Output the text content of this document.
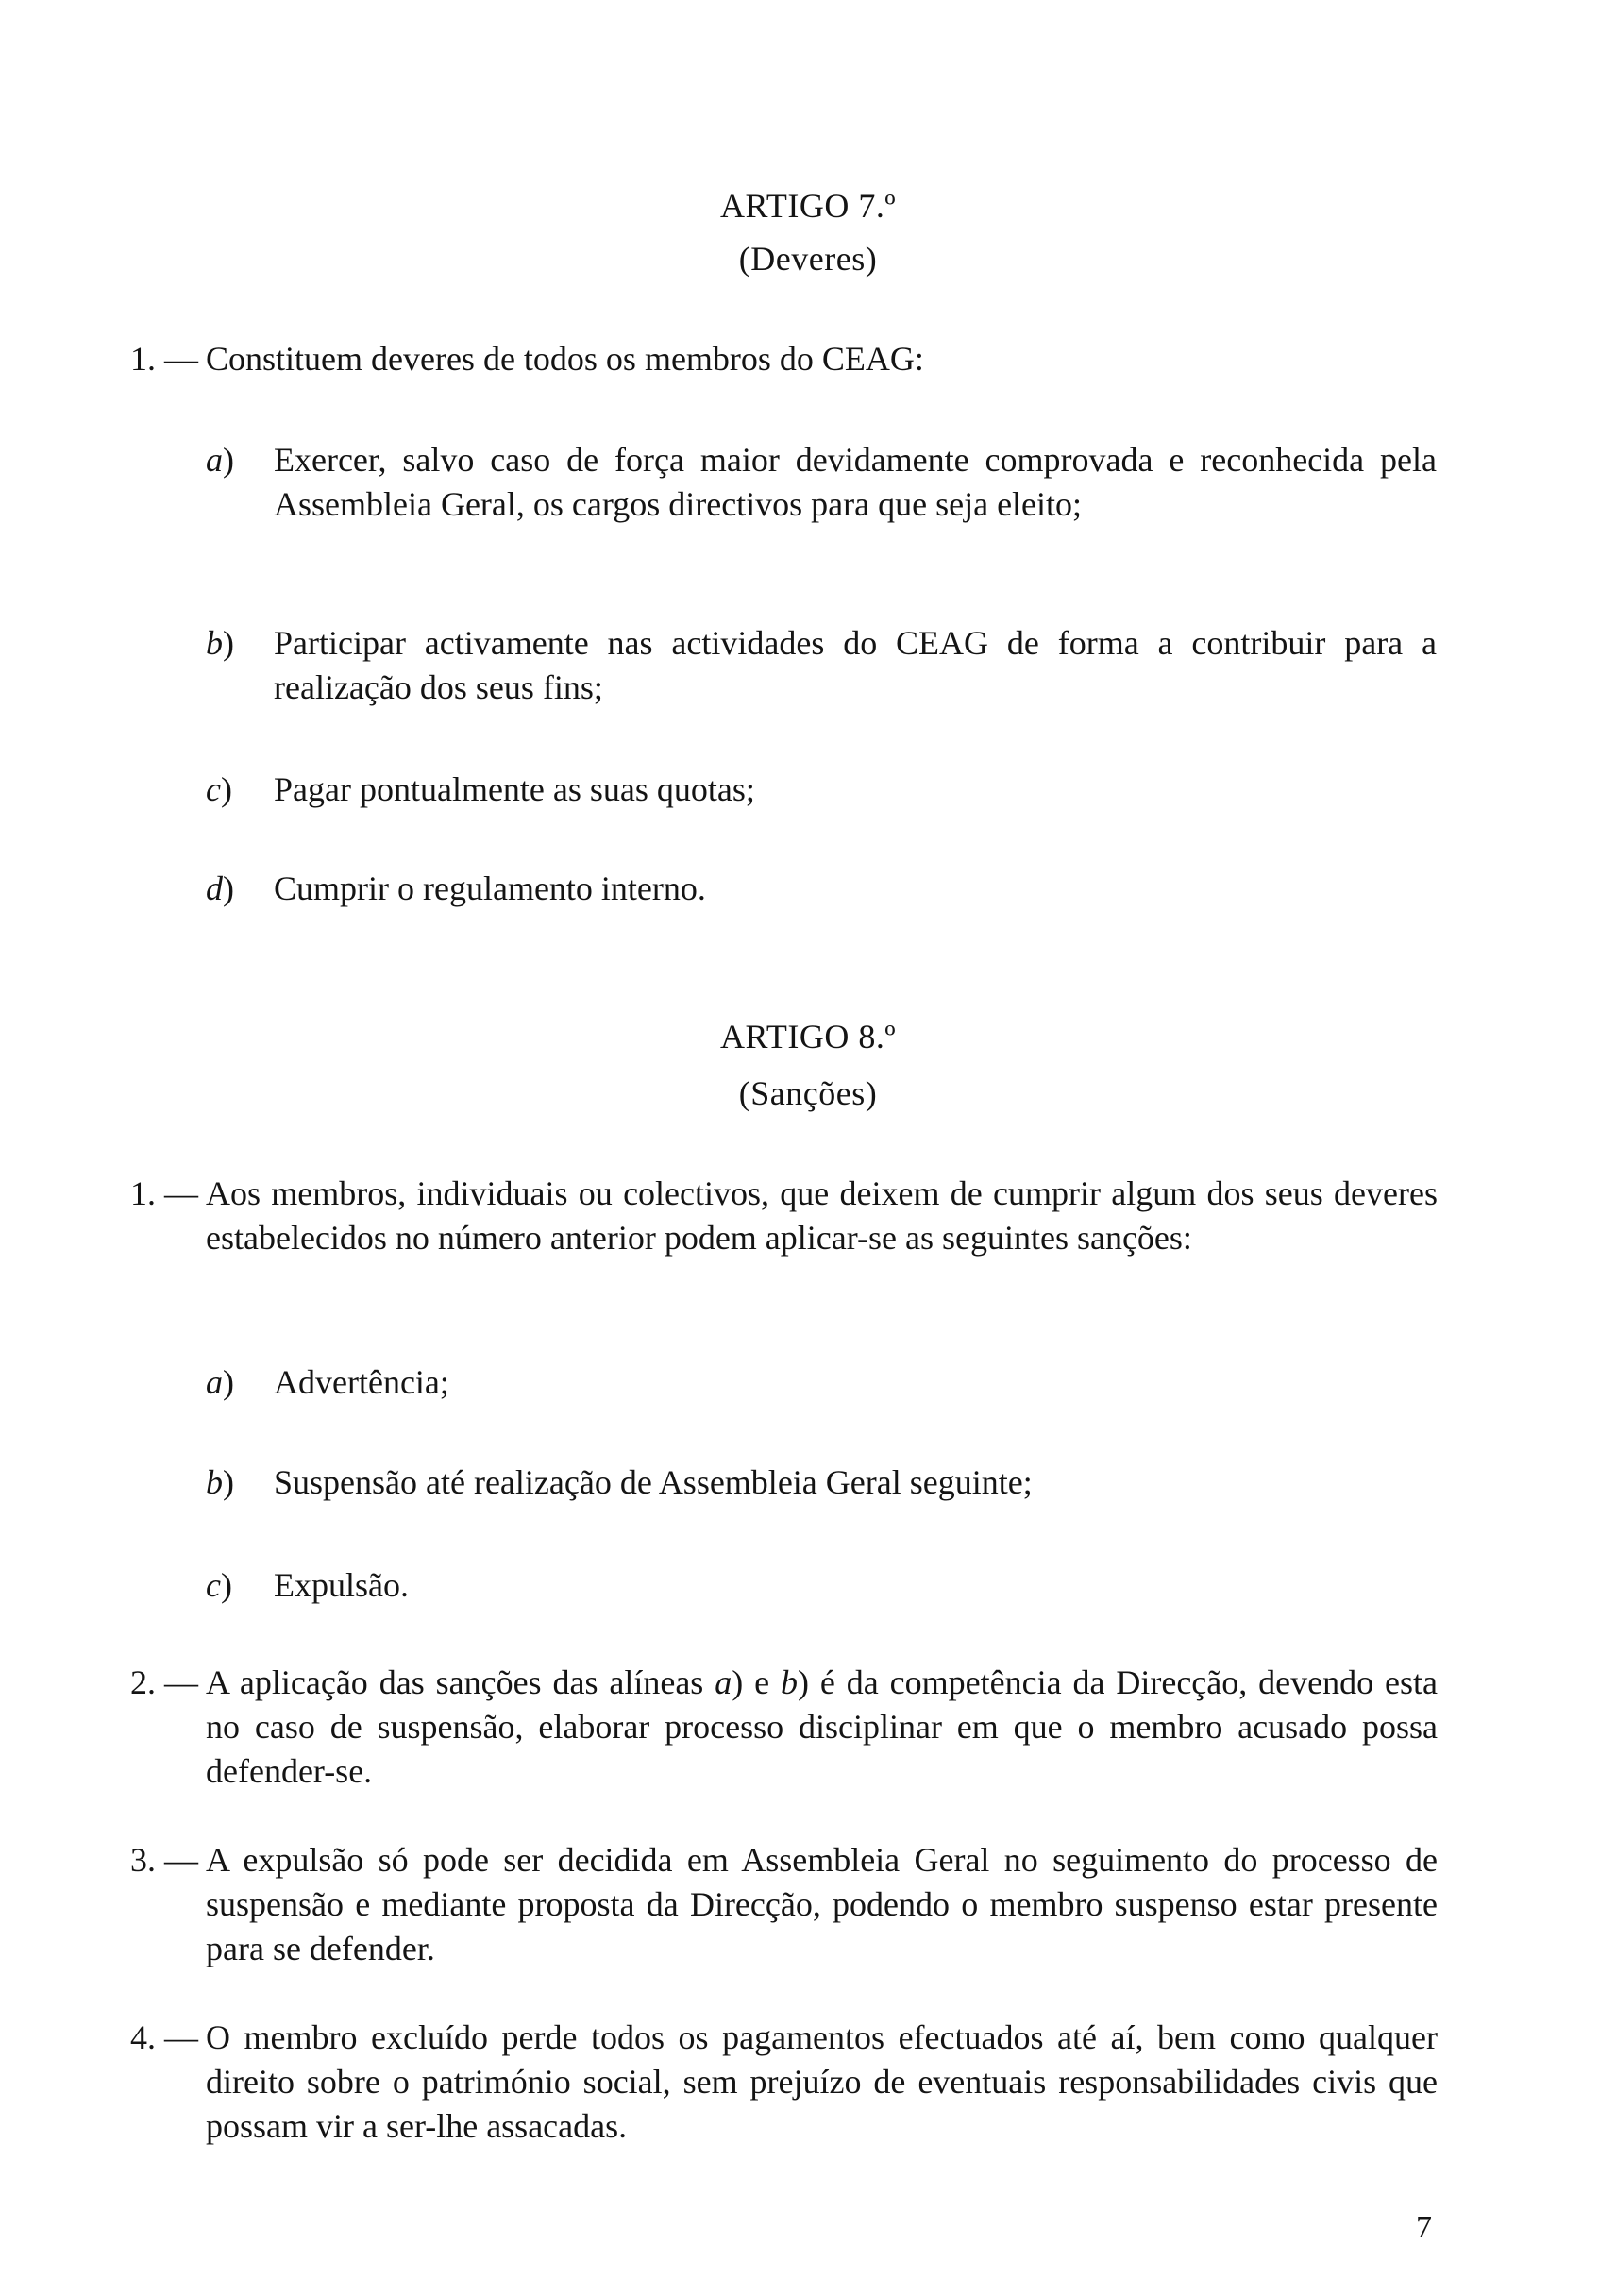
ARTIGO 7.º
(Deveres)
1. — Constituem deveres de todos os membros do CEAG:
a) Exercer, salvo caso de força maior devidamente comprovada e reconhecida pela Assembleia Geral, os cargos directivos para que seja eleito;
b) Participar activamente nas actividades do CEAG de forma a contribuir para a realização dos seus fins;
c) Pagar pontualmente as suas quotas;
d) Cumprir o regulamento interno.
ARTIGO 8.º
(Sanções)
1. — Aos membros, individuais ou colectivos, que deixem de cumprir algum dos seus deveres estabelecidos no número anterior podem aplicar-se as seguintes sanções:
a) Advertência;
b) Suspensão até realização de Assembleia Geral seguinte;
c) Expulsão.
2. — A aplicação das sanções das alíneas a) e b) é da competência da Direcção, devendo esta no caso de suspensão, elaborar processo disciplinar em que o membro acusado possa defender-se.
3. — A expulsão só pode ser decidida em Assembleia Geral no seguimento do processo de suspensão e mediante proposta da Direcção, podendo o membro suspenso estar presente para se defender.
4. — O membro excluído perde todos os pagamentos efectuados até aí, bem como qualquer direito sobre o património social, sem prejuízo de eventuais responsabilidades civis que possam vir a ser-lhe assacadas.
7
